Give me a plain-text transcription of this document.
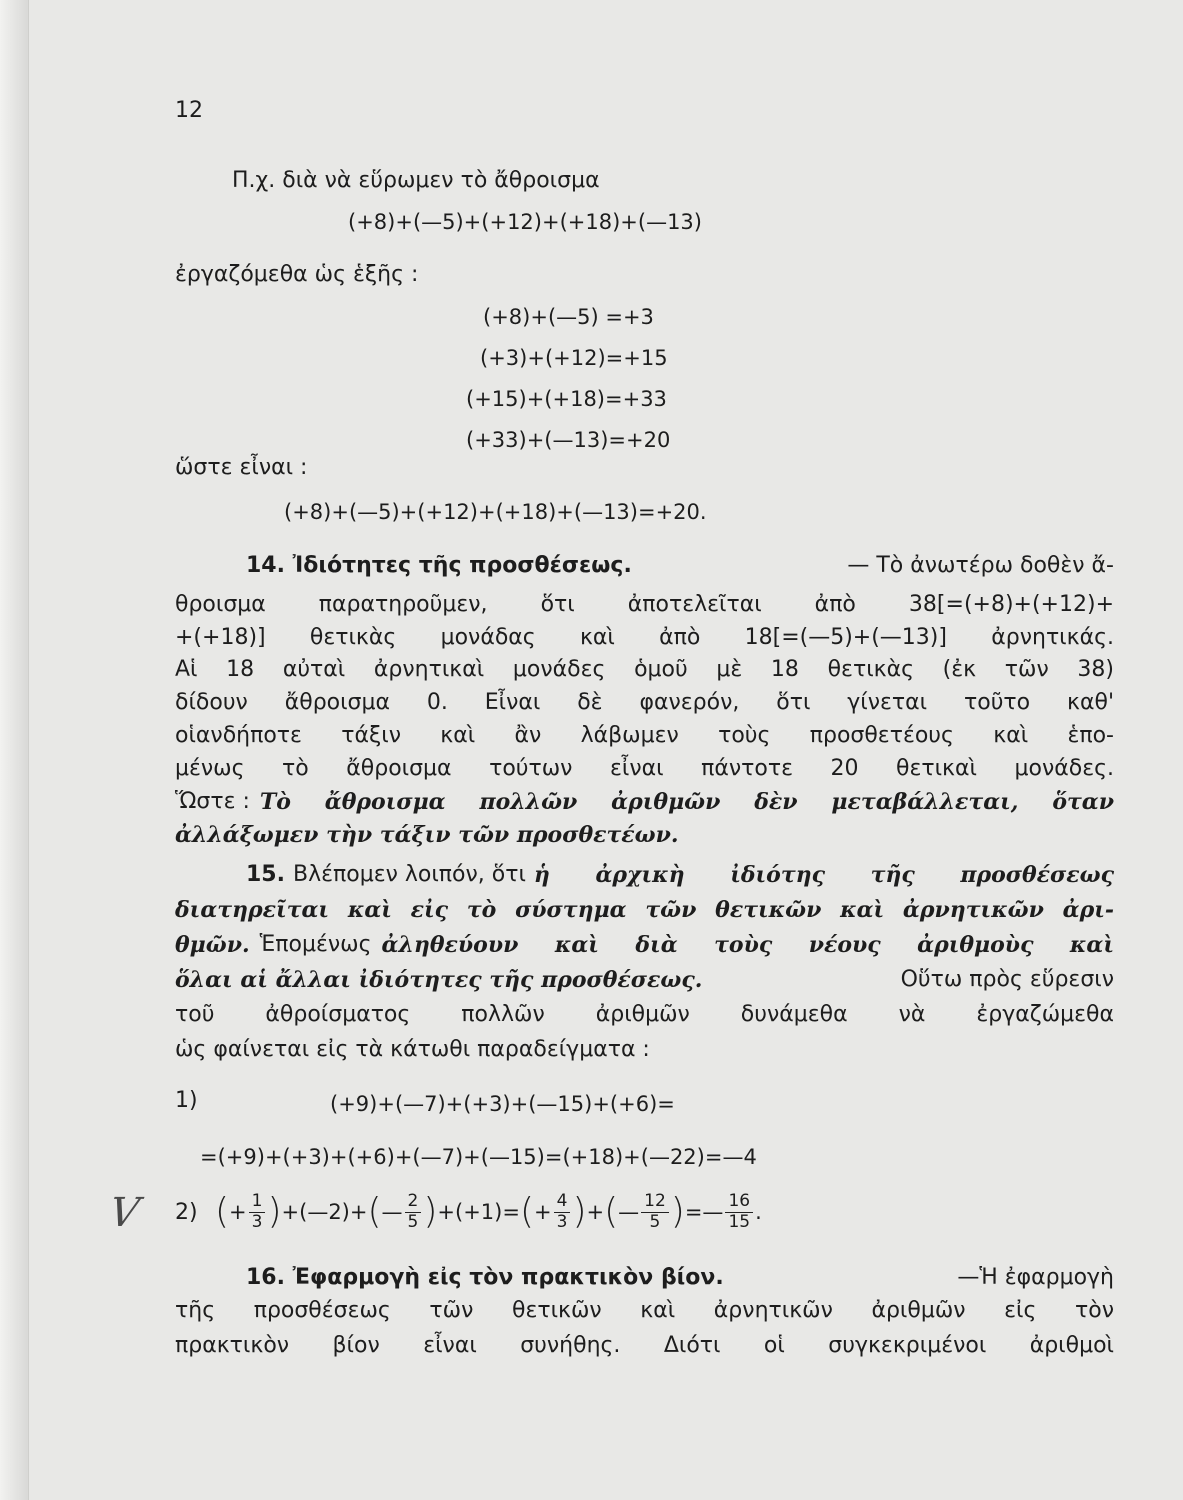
12
Π.χ. διὰ νὰ εὕρωμεν τὸ ἄθροισμα
(+8)+(—5)+(+12)+(+18)+(—13)
ἐργαζόμεθα ὡς ἑξῆς :
(+8)+(—5) =+3
(+3)+(+12)=+15
(+15)+(+18)=+33
(+33)+(—13)=+20
ὥστε εἶναι :
(+8)+(—5)+(+12)+(+18)+(—13)=+20.
14. Ἰδιότητες τῆς προσθέσεως.	— Τὸ ἀνωτέρω δοθὲν ἄ-
θροισμα παρατηροῦμεν, ὅτι ἀποτελεῖται ἀπὸ 38[=(+8)+(+12)+
+(+18)] θετικὰς μονάδας καὶ ἀπὸ 18[=(—5)+(—13)] ἀρνητικάς.
Αἱ 18 αὐταὶ ἀρνητικαὶ μονάδες ὁμοῦ μὲ 18 θετικὰς (ἐκ τῶν 38)
δίδουν ἄθροισμα 0. Εἶναι δὲ φανερόν, ὅτι γίνεται τοῦτο καθ'
οἱανδήποτε τάξιν καὶ ἂν λάβωμεν τοὺς προσθετέους καὶ ἑπο-
μένως τὸ ἄθροισμα τούτων εἶναι πάντοτε 20 θετικαὶ μονάδες.
Ὥστε : Τὸ ἄθροισμα πολλῶν ἀριθμῶν δὲν μεταβάλλεται, ὅταν
ἀλλάξωμεν τὴν τάξιν τῶν προσθετέων.
15. Βλέπομεν λοιπόν, ὅτι ἡ ἀρχικὴ ἰδιότης τῆς προσθέσεως
διατηρεῖται καὶ εἰς τὸ σύστημα τῶν θετικῶν καὶ ἀρνητικῶν ἀρι-
θμῶν. Ἑπομένως ἀληθεύουν καὶ διὰ τοὺς νέους ἀριθμοὺς καὶ
ὅλαι αἱ ἄλλαι ἰδιότητες τῆς προσθέσεως.	Οὕτω πρὸς εὕρεσιν
τοῦ ἀθροίσματος πολλῶν ἀριθμῶν δυνάμεθα νὰ ἐργαζώμεθα
ὡς φαίνεται εἰς τὰ κάτωθι παραδείγματα :
1)	(+9)+(—7)+(+3)+(—15)+(+6)=
=(+9)+(+3)+(+6)+(—7)+(—15)=(+18)+(—22)=—4
2) ( + $\frac{1}{3}$ ) +(—2)+ ( — $\frac{2}{5}$ ) +(+1)= ( + $\frac{4}{3}$ ) + ( — $\frac{12}{5}$ ) =— $\frac{16}{15}$ .
V
16. Ἐφαρμογὴ εἰς τὸν πρακτικὸν βίον.	—Ἡ ἐφαρμογὴ
τῆς προσθέσεως τῶν θετικῶν καὶ ἀρνητικῶν ἀριθμῶν εἰς τὸν
πρακτικὸν βίον εἶναι συνήθης. Διότι οἱ συγκεκριμένοι ἀριθμοὶ
